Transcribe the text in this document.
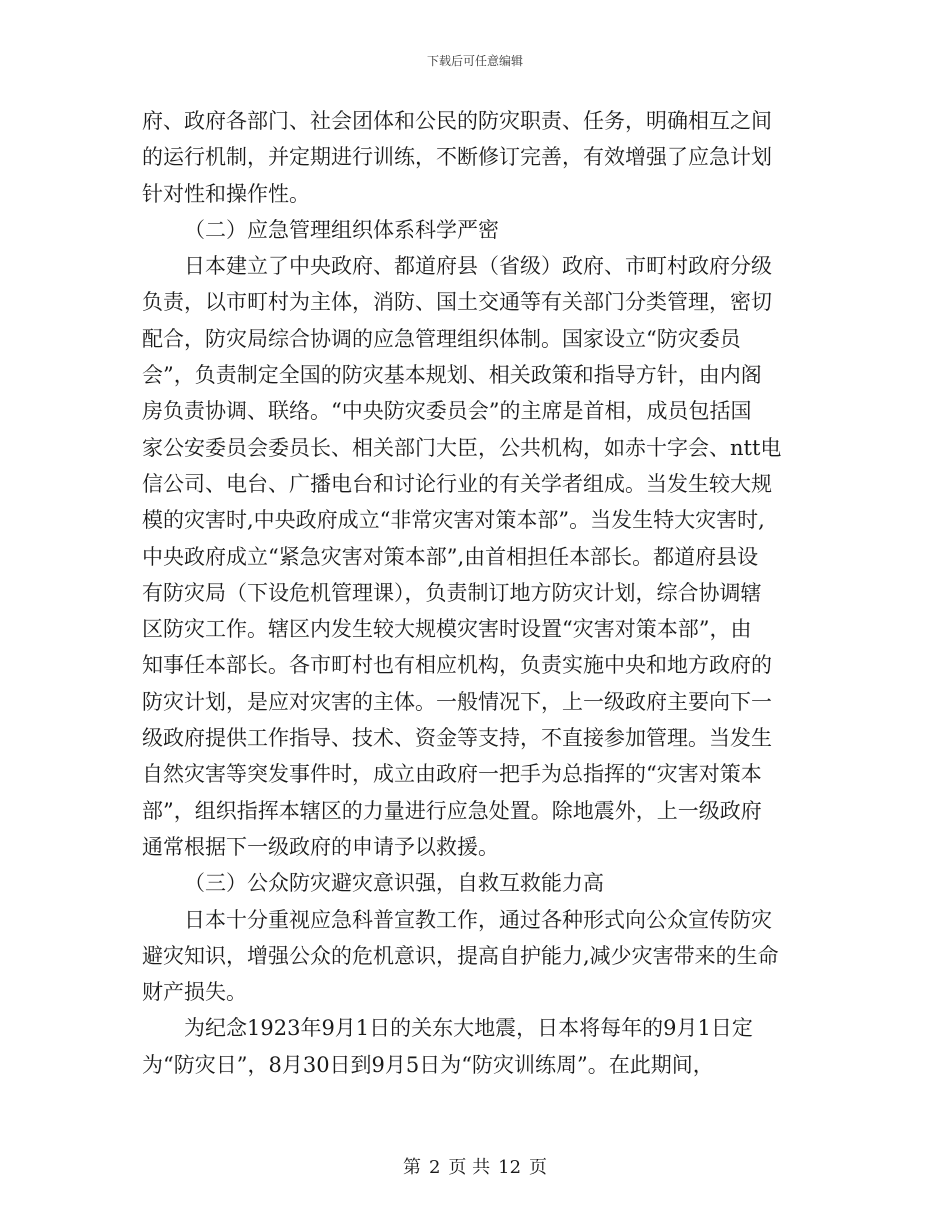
下载后可任意编辑
府、政府各部门、社会团体和公民的防灾职责、任务，明确相互之间
的运行机制，并定期进行训练，不断修订完善，有效增强了应急计划
针对性和操作性。
（二）应急管理组织体系科学严密
日本建立了中央政府、都道府县（省级）政府、市町村政府分级
负责，以市町村为主体，消防、国土交通等有关部门分类管理，密切
配合，防灾局综合协调的应急管理组织体制。国家设立“防灾委员
会”，负责制定全国的防灾基本规划、相关政策和指导方针，由内阁
房负责协调、联络。“中央防灾委员会”的主席是首相，成员包括国
家公安委员会委员长、相关部门大臣，公共机构，如赤十字会、ntt电
信公司、电台、广播电台和讨论行业的有关学者组成。当发生较大规
模的灾害时,中央政府成立“非常灾害对策本部”。当发生特大灾害时,
中央政府成立“紧急灾害对策本部”,由首相担任本部长。都道府县设
有防灾局（下设危机管理课），负责制订地方防灾计划，综合协调辖
区防灾工作。辖区内发生较大规模灾害时设置“灾害对策本部”，由
知事任本部长。各市町村也有相应机构，负责实施中央和地方政府的
防灾计划，是应对灾害的主体。一般情况下，上一级政府主要向下一
级政府提供工作指导、技术、资金等支持，不直接参加管理。当发生
自然灾害等突发事件时，成立由政府一把手为总指挥的“灾害对策本
部”，组织指挥本辖区的力量进行应急处置。除地震外，上一级政府
通常根据下一级政府的申请予以救援。
（三）公众防灾避灾意识强，自救互救能力高
日本十分重视应急科普宣教工作，通过各种形式向公众宣传防灾
避灾知识，增强公众的危机意识，提高自护能力,减少灾害带来的生命
财产损失。
为纪念1923年9月1日的关东大地震，日本将每年的9月1日定
为“防灾日”，8月30日到9月5日为“防灾训练周”。在此期间，
第 2 页 共 12 页
